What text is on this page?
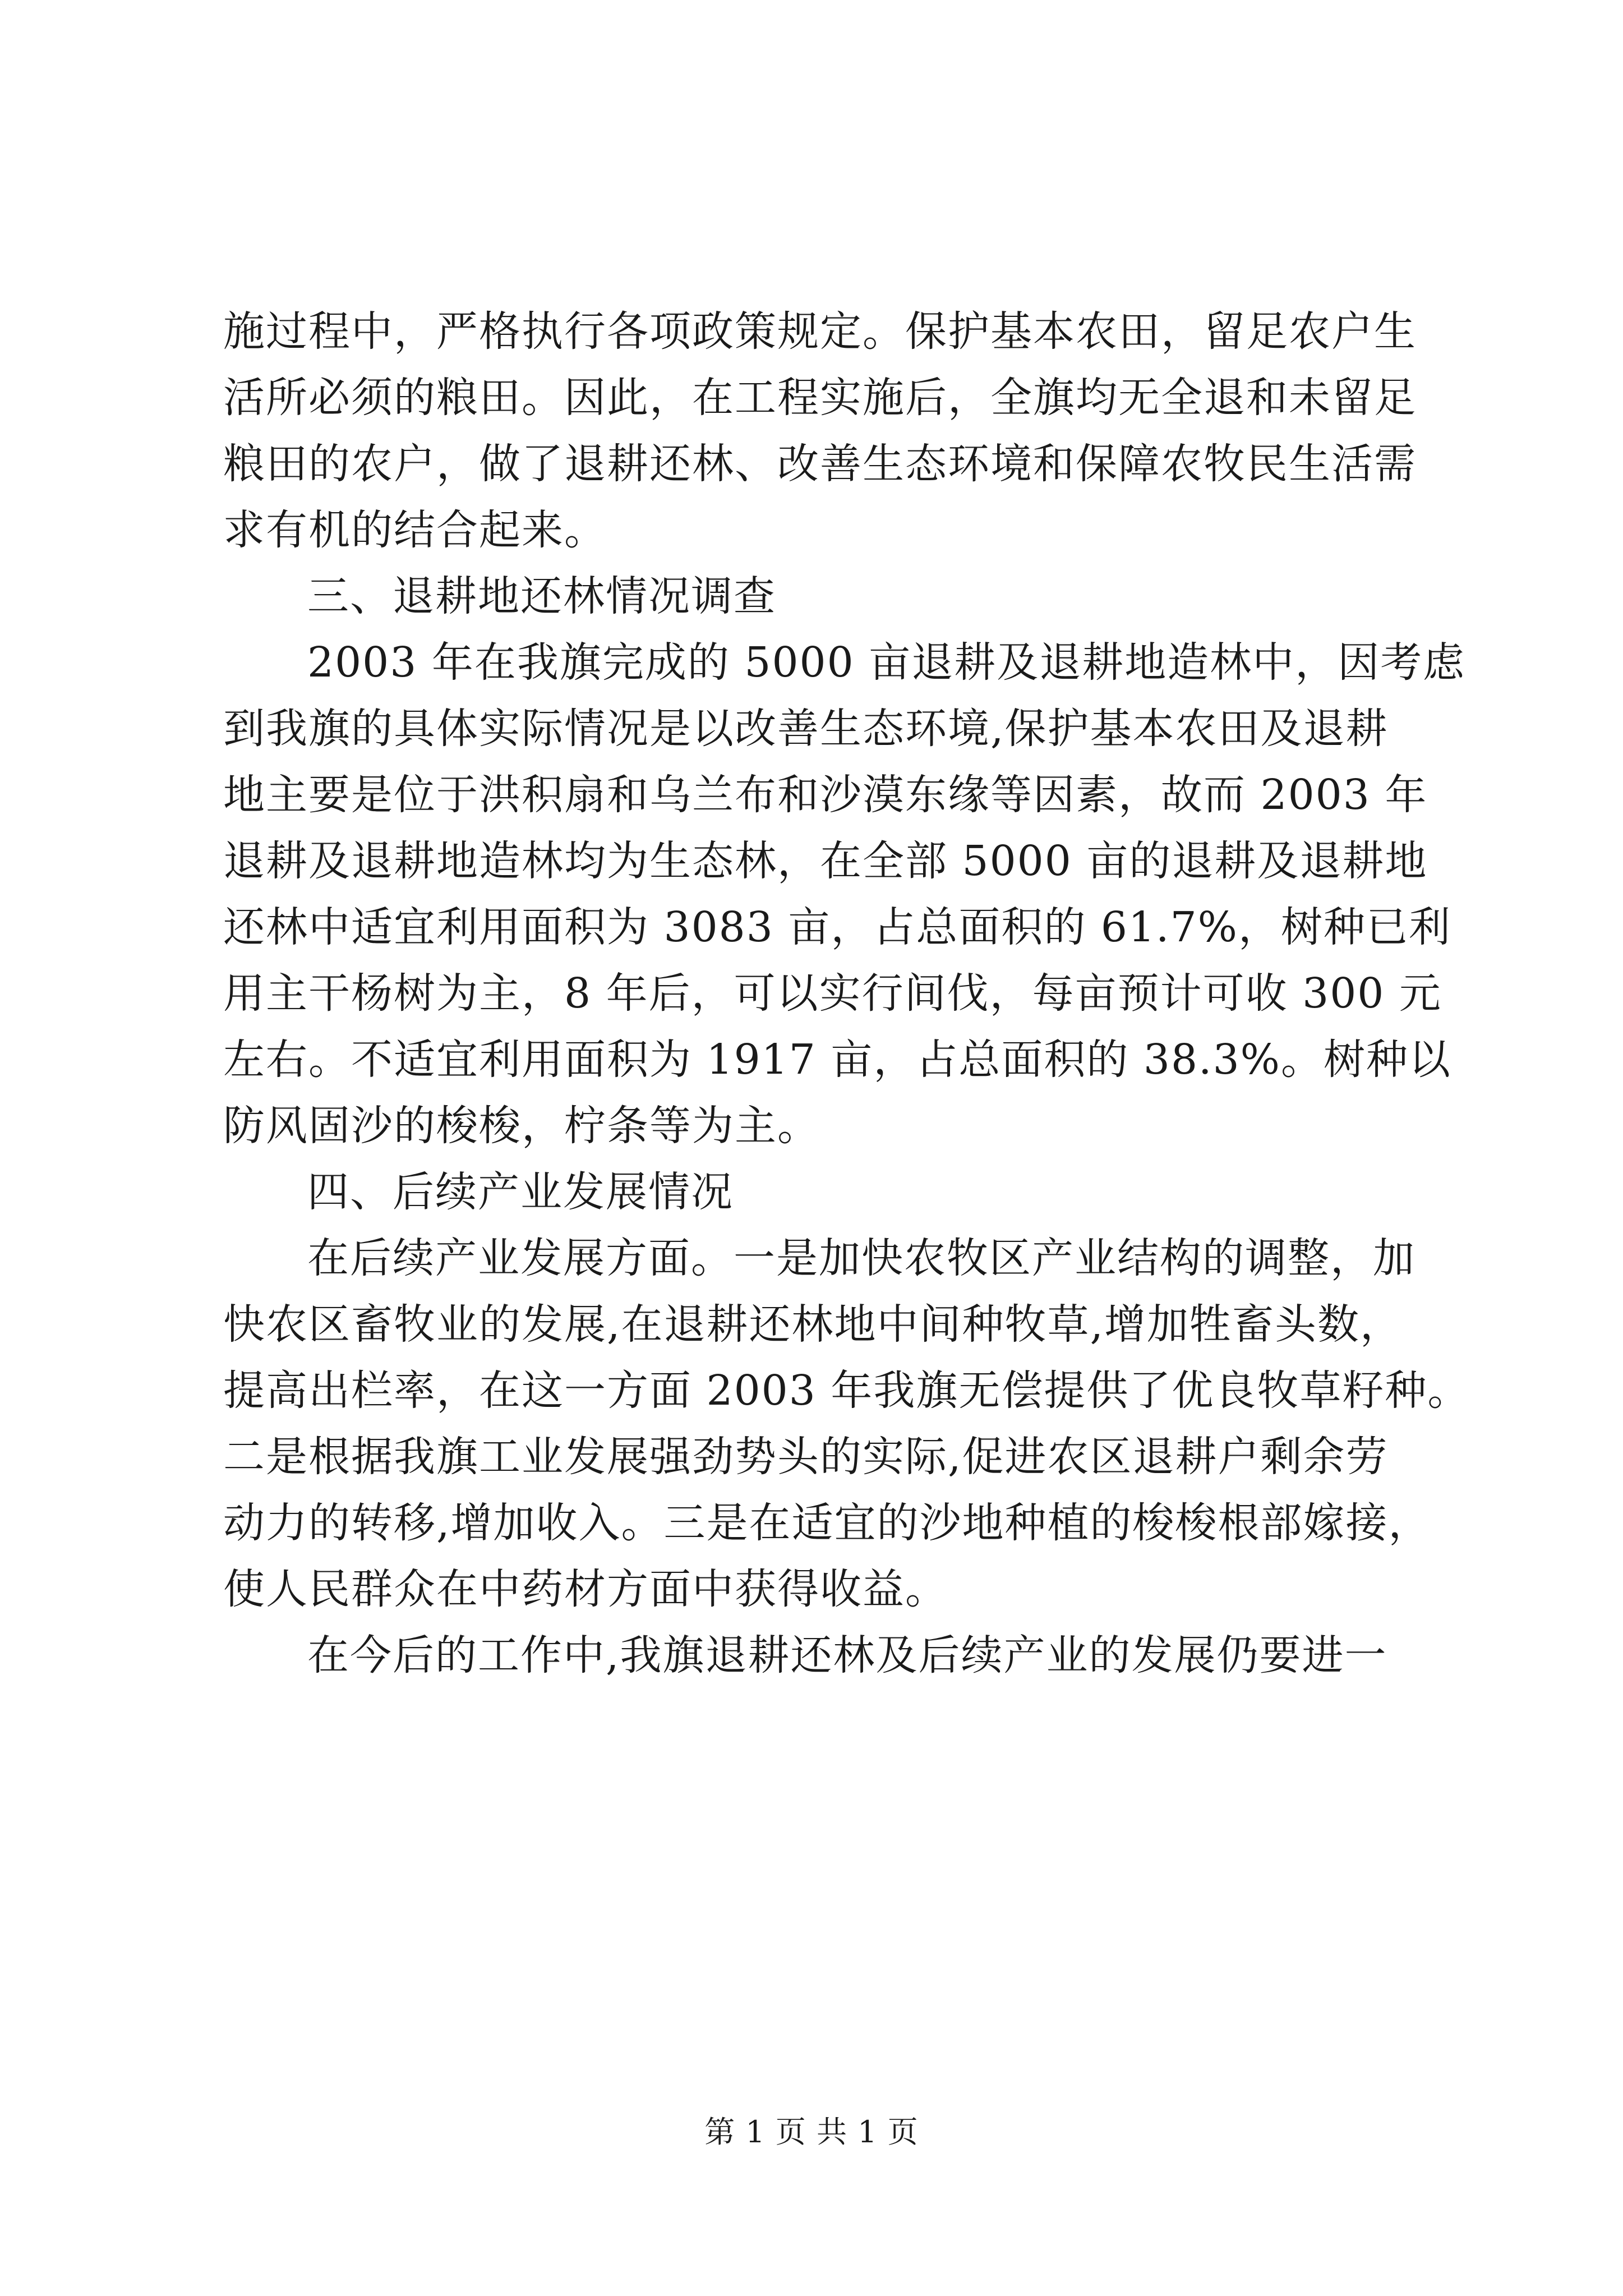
施过程中，严格执行各项政策规定。保护基本农田，留足农户生
活所必须的粮田。因此，在工程实施后，全旗均无全退和未留足
粮田的农户，做了退耕还林、改善生态环境和保障农牧民生活需
求有机的结合起来。
三、退耕地还林情况调查
2003 年在我旗完成的 5000 亩退耕及退耕地造林中，因考虑
到我旗的具体实际情况是以改善生态环境,保护基本农田及退耕
地主要是位于洪积扇和乌兰布和沙漠东缘等因素，故而 2003 年
退耕及退耕地造林均为生态林，在全部 5000 亩的退耕及退耕地
还林中适宜利用面积为 3083 亩，占总面积的 61.7%，树种已利
用主干杨树为主，8 年后，可以实行间伐，每亩预计可收 300 元
左右。不适宜利用面积为 1917 亩，占总面积的 38.3%。树种以
防风固沙的梭梭，柠条等为主。
四、后续产业发展情况
在后续产业发展方面。一是加快农牧区产业结构的调整，加
快农区畜牧业的发展,在退耕还林地中间种牧草,增加牲畜头数，
提高出栏率，在这一方面 2003 年我旗无偿提供了优良牧草籽种。
二是根据我旗工业发展强劲势头的实际,促进农区退耕户剩余劳
动力的转移,增加收入。三是在适宜的沙地种植的梭梭根部嫁接，
使人民群众在中药材方面中获得收益。
在今后的工作中,我旗退耕还林及后续产业的发展仍要进一
第 1 页 共 1 页
